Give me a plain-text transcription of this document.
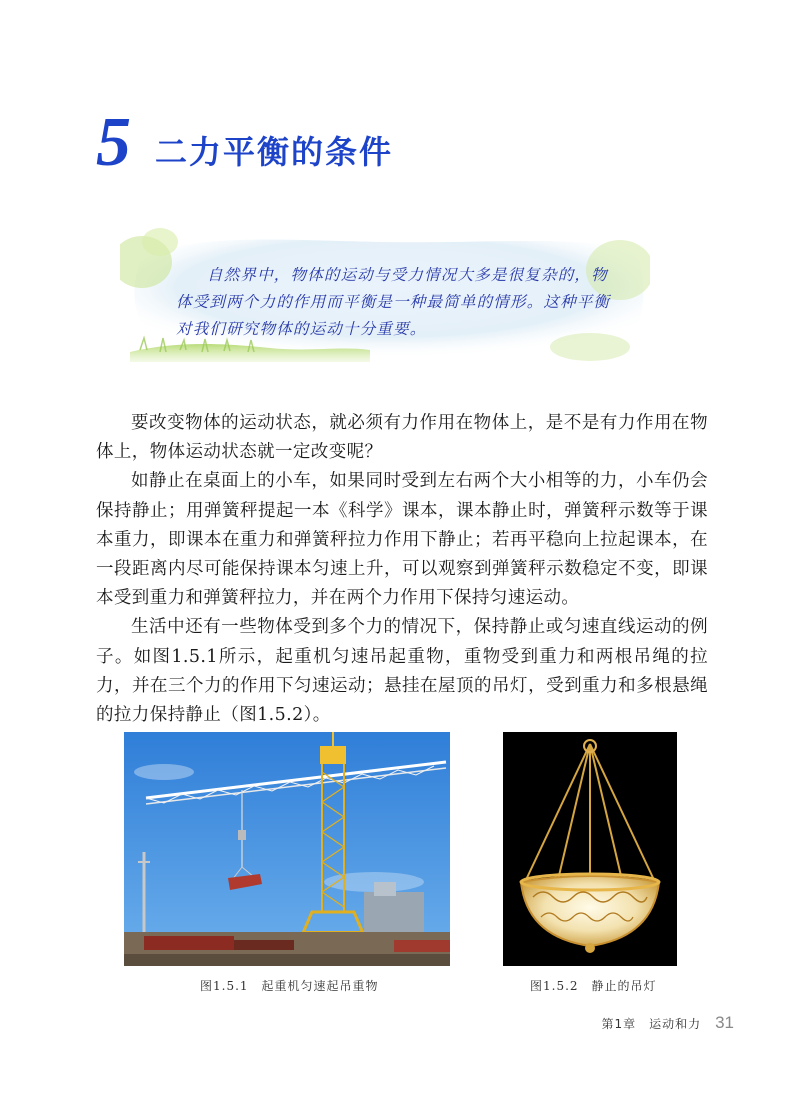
5 二力平衡的条件

自然界中，物体的运动与受力情况大多是很复杂的，物体受到两个力的作用而平衡是一种最简单的情形。这种平衡对我们研究物体的运动十分重要。

要改变物体的运动状态，就必须有力作用在物体上，是不是有力作用在物体上，物体运动状态就一定改变呢？

如静止在桌面上的小车，如果同时受到左右两个大小相等的力，小车仍会保持静止；用弹簧秤提起一本《科学》课本，课本静止时，弹簧秤示数等于课本重力，即课本在重力和弹簧秤拉力作用下静止；若再平稳向上拉起课本，在一段距离内尽可能保持课本匀速上升，可以观察到弹簧秤示数稳定不变，即课本受到重力和弹簧秤拉力，并在两个力作用下保持匀速运动。

生活中还有一些物体受到多个力的情况下，保持静止或匀速直线运动的例子。如图1.5.1所示，起重机匀速吊起重物，重物受到重力和两根吊绳的拉力，并在三个力的作用下匀速运动；悬挂在屋顶的吊灯，受到重力和多根悬绳的拉力保持静止（图1.5.2）。

图1.5.1　起重机匀速起吊重物	图1.5.2　静止的吊灯
第1章　运动和力 31
